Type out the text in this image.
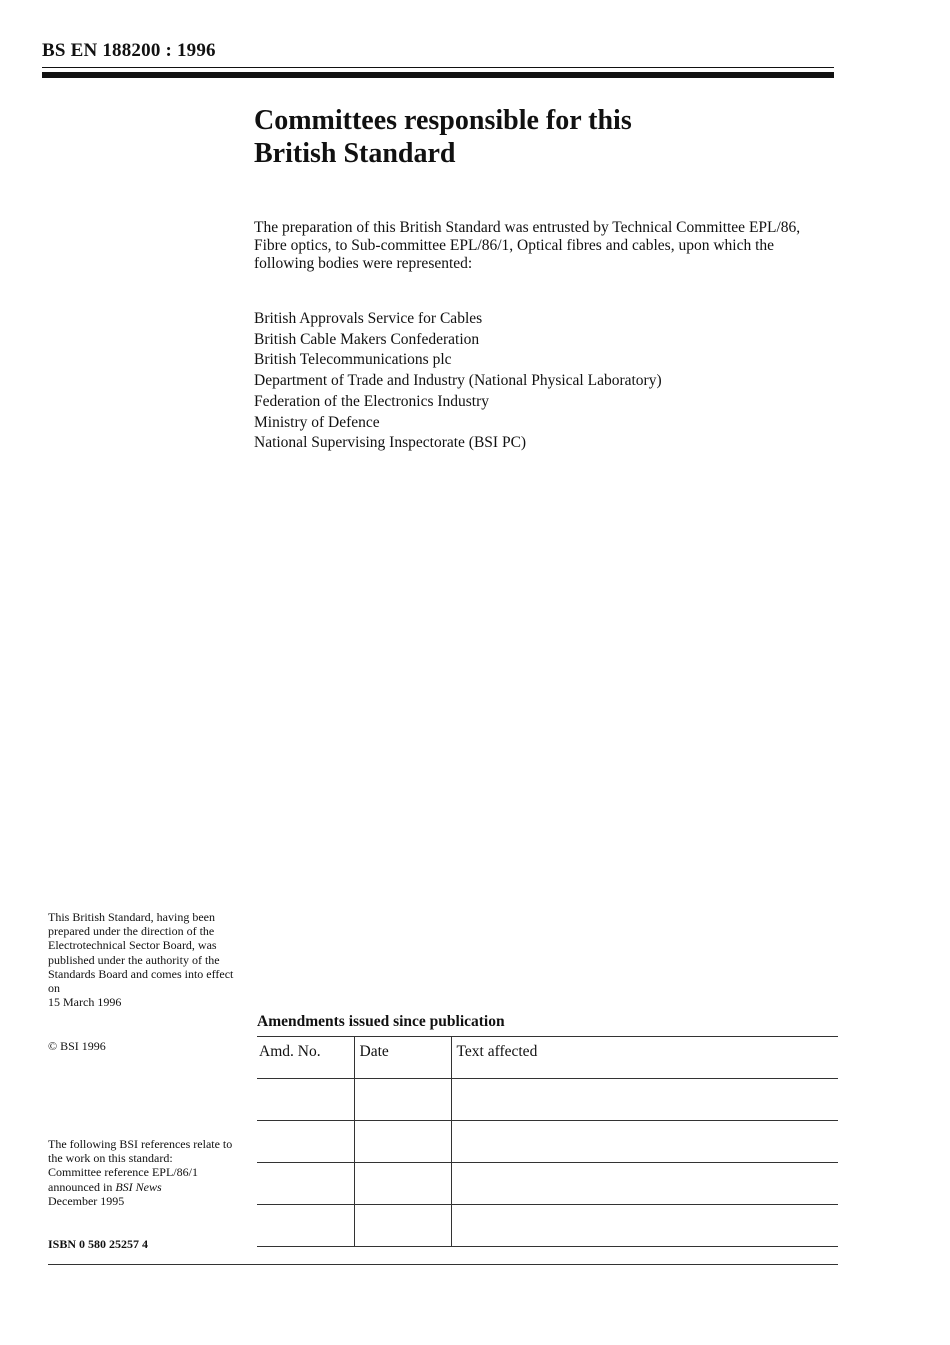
BS EN 188200 : 1996
Committees responsible for this
British Standard
The preparation of this British Standard was entrusted by Technical Committee EPL/86, Fibre optics, to Sub-committee EPL/86/1, Optical fibres and cables, upon which the following bodies were represented:
British Approvals Service for Cables
British Cable Makers Confederation
British Telecommunications plc
Department of Trade and Industry (National Physical Laboratory)
Federation of the Electronics Industry
Ministry of Defence
National Supervising Inspectorate (BSI PC)
This British Standard, having been prepared under the direction of the Electrotechnical Sector Board, was published under the authority of the Standards Board and comes into effect on
15 March 1996
© BSI 1996
The following BSI references relate to the work on this standard:
Committee reference EPL/86/1
announced in BSI News
December 1995
ISBN 0 580 25257 4
Amendments issued since publication
Amd. No.	Date	Text affected
